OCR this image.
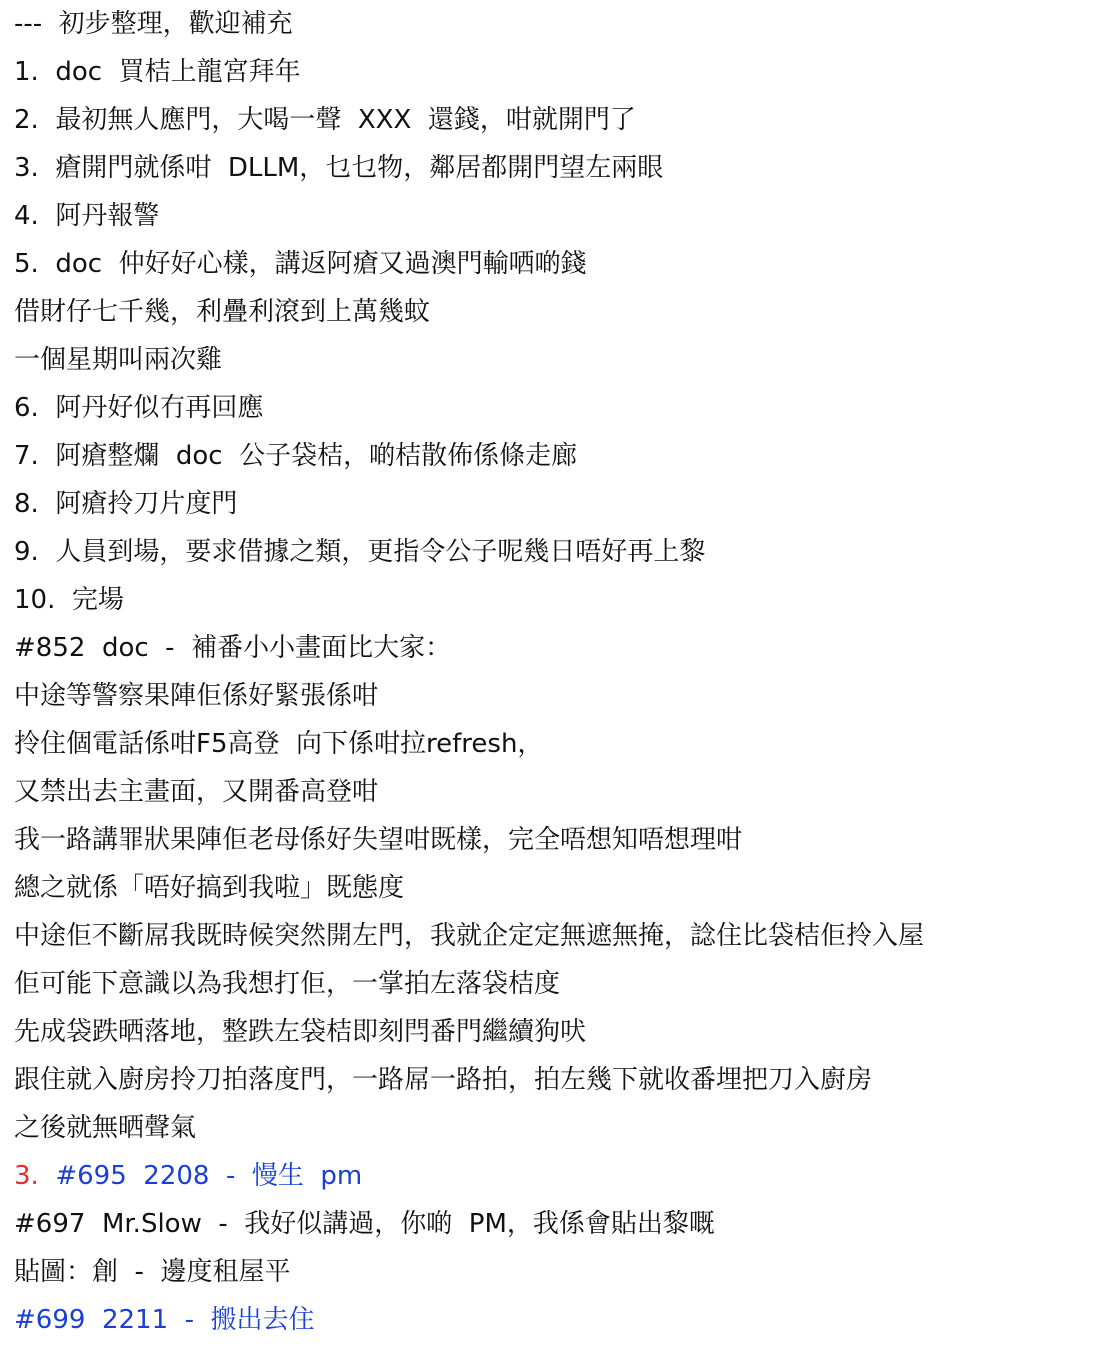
---  初步整理，歡迎補充
1.  doc  買桔上龍宮拜年
2.  最初無人應門，大喝一聲  XXX  還錢，咁就開門了
3.  瘡開門就係咁  DLLM，乜乜物，鄰居都開門望左兩眼
4.  阿丹報警
5.  doc  仲好好心樣，講返阿瘡又過澳門輸哂啲錢
借財仔七千幾，利疊利滾到上萬幾蚊
一個星期叫兩次雞
6.  阿丹好似冇再回應
7.  阿瘡整爛  doc  公子袋桔，啲桔散佈係條走廊
8.  阿瘡拎刀片度門
9.  人員到場，要求借據之類，更指令公子呢幾日唔好再上黎
10.  完場
#852  doc  -  補番小小畫面比大家：
中途等警察果陣佢係好緊張係咁
拎住個電話係咁F5高登  向下係咁拉refresh，
又禁出去主畫面，又開番高登咁
我一路講罪狀果陣佢老母係好失望咁既樣，完全唔想知唔想理咁
總之就係「唔好搞到我啦」既態度
中途佢不斷屌我既時候突然開左門，我就企定定無遮無掩，諗住比袋桔佢拎入屋
佢可能下意識以為我想打佢，一掌拍左落袋桔度
先成袋跌晒落地，整跌左袋桔即刻閂番門繼續狗吠
跟住就入廚房拎刀拍落度門，一路屌一路拍，拍左幾下就收番埋把刀入廚房
之後就無晒聲氣
3.  #695  2208  -  慢生  pm
#697  Mr.Slow  -  我好似講過，你啲  PM，我係會貼出黎嘅
貼圖：創  -  邊度租屋平
#699  2211  -  搬出去住
